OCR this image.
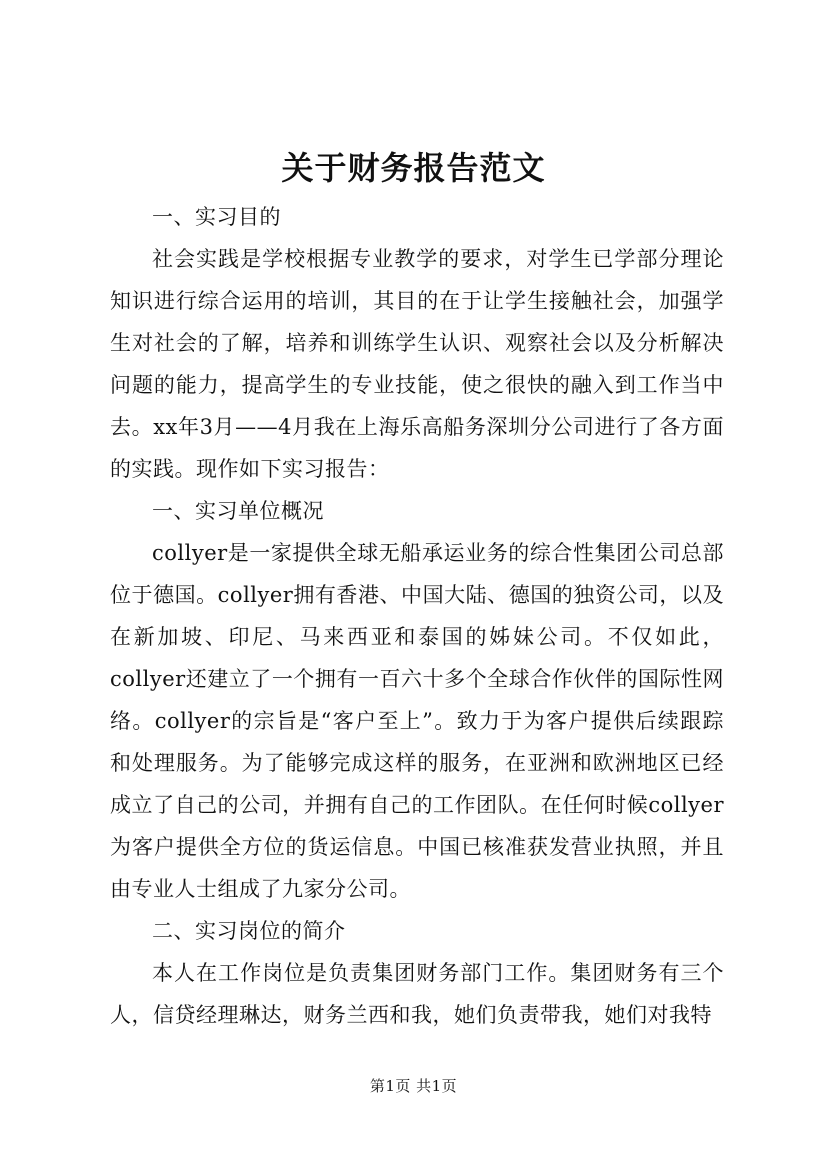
关于财务报告范文

一、实习目的

社会实践是学校根据专业教学的要求，对学生已学部分理论知识进行综合运用的培训，其目的在于让学生接触社会，加强学生对社会的了解，培养和训练学生认识、观察社会以及分析解决问题的能力，提高学生的专业技能，使之很快的融入到工作当中去。xx年3月——4月我在上海乐高船务深圳分公司进行了各方面的实践。现作如下实习报告：

一、实习单位概况

collyer是一家提供全球无船承运业务的综合性集团公司总部位于德国。collyer拥有香港、中国大陆、德国的独资公司，以及在新加坡、印尼、马来西亚和泰国的姊妹公司。不仅如此，collyer还建立了一个拥有一百六十多个全球合作伙伴的国际性网络。collyer的宗旨是“客户至上”。致力于为客户提供后续跟踪和处理服务。为了能够完成这样的服务，在亚洲和欧洲地区已经成立了自己的公司，并拥有自己的工作团队。在任何时候collyer为客户提供全方位的货运信息。中国已核准获发营业执照，并且由专业人士组成了九家分公司。

二、实习岗位的简介

本人在工作岗位是负责集团财务部门工作。集团财务有三个人，信贷经理琳达，财务兰西和我，她们负责带我，她们对我特

第1页 共1页
